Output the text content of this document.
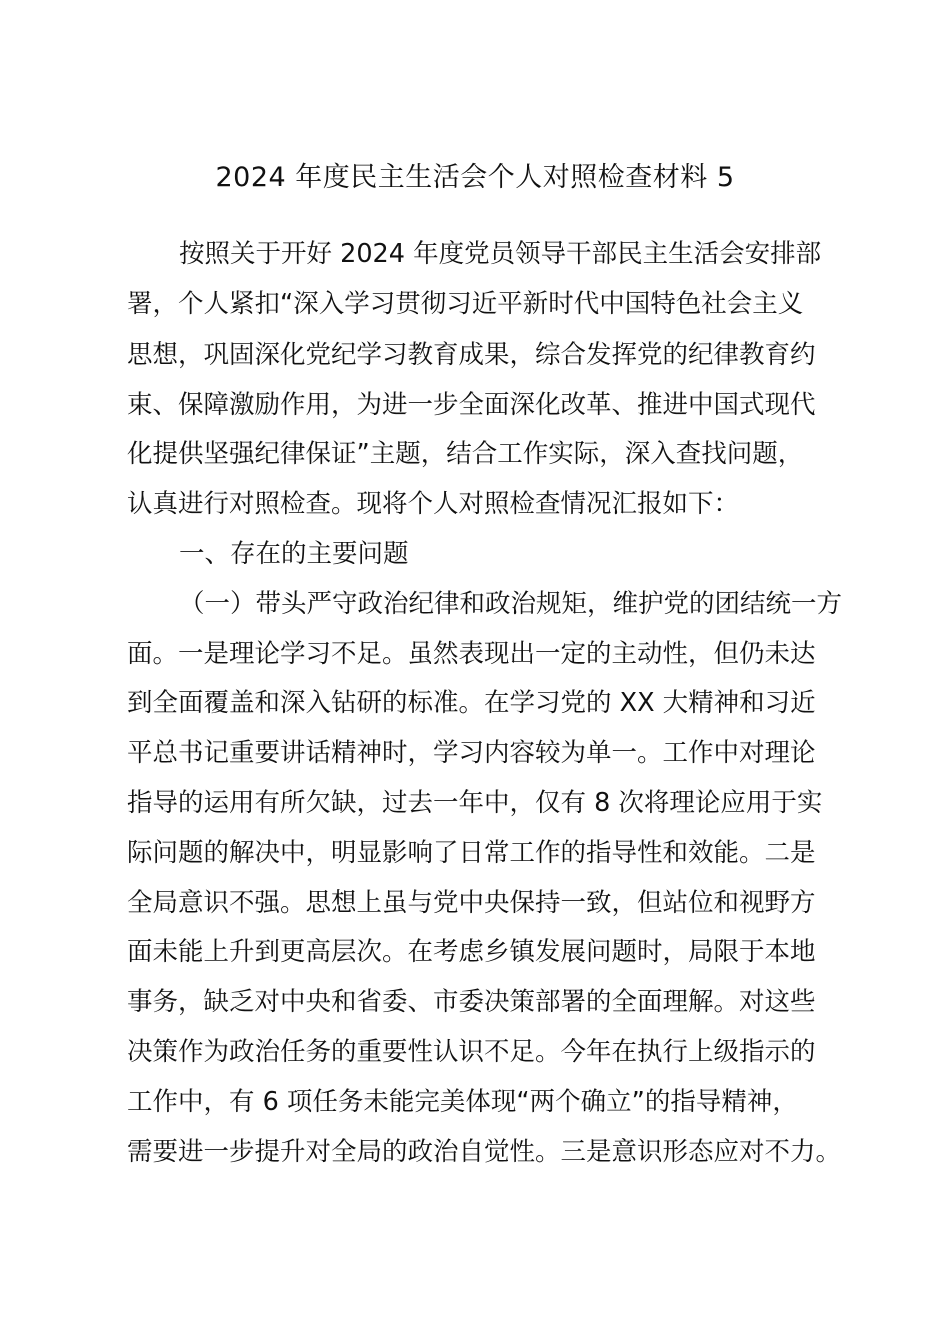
2024 年度民主生活会个人对照检查材料 5
按照关于开好 2024 年度党员领导干部民主生活会安排部
署，个人紧扣“深入学习贯彻习近平新时代中国特色社会主义
思想，巩固深化党纪学习教育成果，综合发挥党的纪律教育约
束、保障激励作用，为进一步全面深化改革、推进中国式现代
化提供坚强纪律保证”主题，结合工作实际，深入查找问题，
认真进行对照检查。现将个人对照检查情况汇报如下：
一、存在的主要问题
（一）带头严守政治纪律和政治规矩，维护党的团结统一方
面。一是理论学习不足。虽然表现出一定的主动性，但仍未达
到全面覆盖和深入钻研的标准。在学习党的 XX 大精神和习近
平总书记重要讲话精神时，学习内容较为单一。工作中对理论
指导的运用有所欠缺，过去一年中，仅有 8 次将理论应用于实
际问题的解决中，明显影响了日常工作的指导性和效能。二是
全局意识不强。思想上虽与党中央保持一致，但站位和视野方
面未能上升到更高层次。在考虑乡镇发展问题时，局限于本地
事务，缺乏对中央和省委、市委决策部署的全面理解。对这些
决策作为政治任务的重要性认识不足。今年在执行上级指示的
工作中，有 6 项任务未能完美体现“两个确立”的指导精神，
需要进一步提升对全局的政治自觉性。三是意识形态应对不力。
